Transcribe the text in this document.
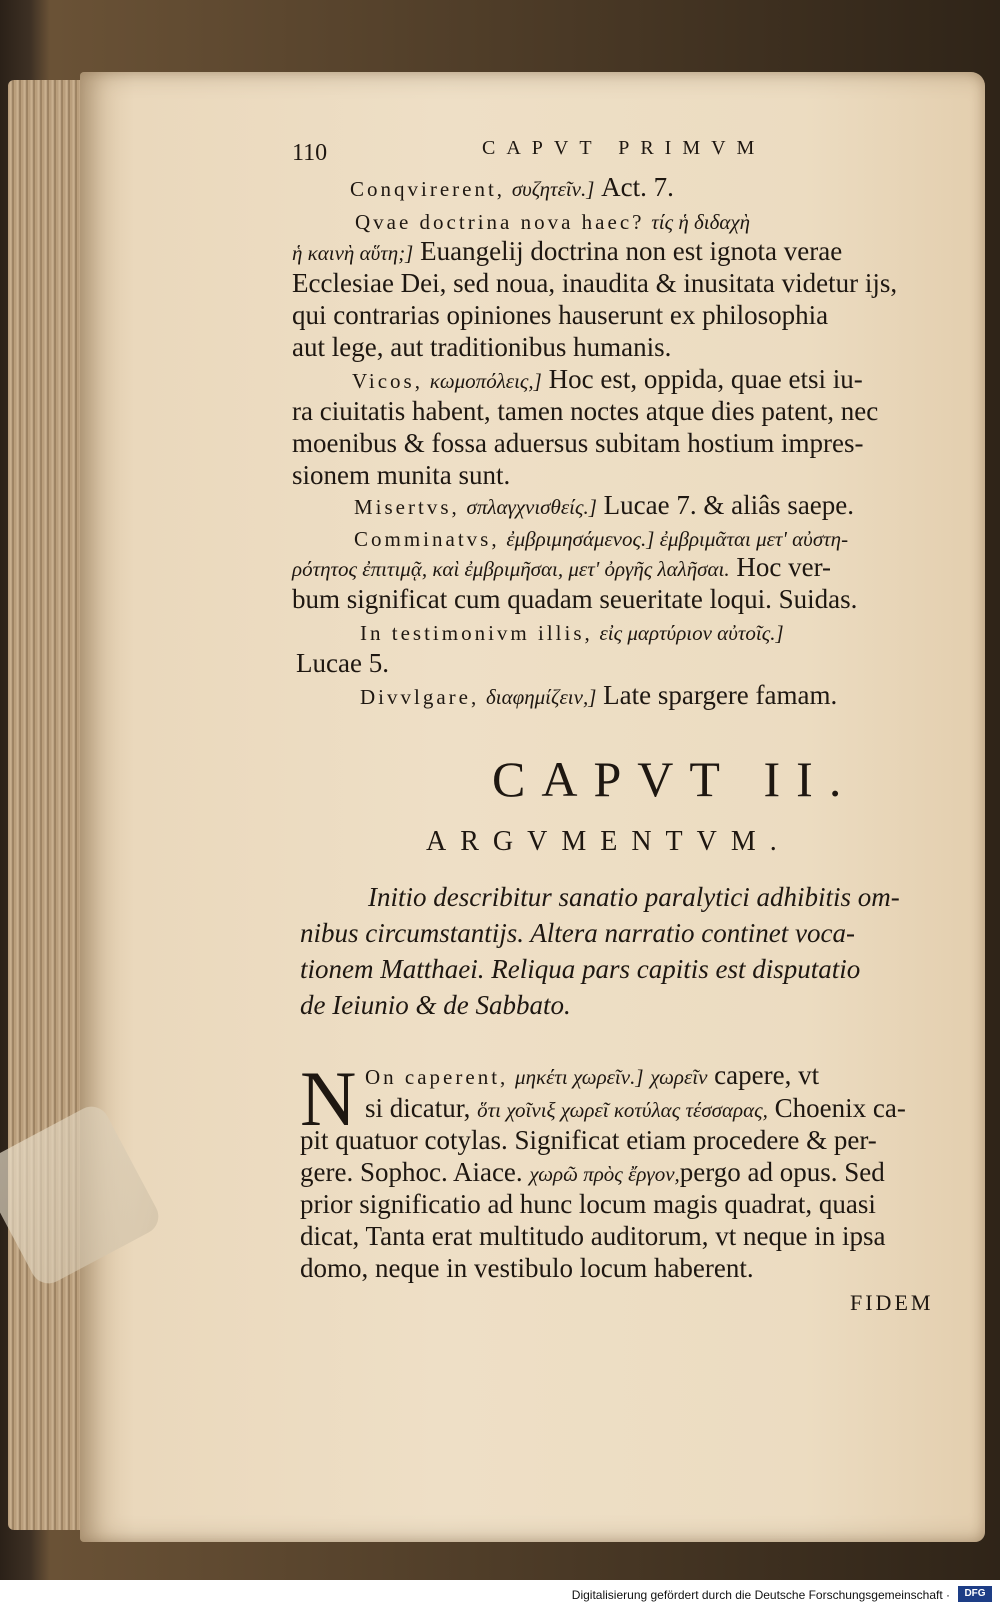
110	CAPVT PRIMVM
Conqvirerent, συζητεῖν.] Act. 7.
Qvae doctrina nova haec? τίς ἡ διδαχὴ
ἡ καινὴ αὕτη;] Euangelij doctrina non est ignota verae
Ecclesiae Dei, sed noua, inaudita & inusitata videtur ijs,
qui contrarias opiniones hauserunt ex philosophia
aut lege, aut traditionibus humanis.
Vicos, κωμοπόλεις,] Hoc est, oppida, quae etsi iu-
ra ciuitatis habent, tamen noctes atque dies patent, nec
moenibus & fossa aduersus subitam hostium impres-
sionem munita sunt.
Misertvs, σπλαγχνισθείς.] Lucae 7. & aliâs saepe.
Comminatvs, ἐμβριμησάμενος.] ἐμβριμᾶται μετ' αὐστη-
ρότητος ἐπιτιμᾷ, καὶ ἐμβριμῆσαι, μετ' ὀργῆς λαλῆσαι. Hoc ver-
bum significat cum quadam seueritate loqui. Suidas.
In testimonivm illis, εἰς μαρτύριον αὐτοῖς.]
Lucae 5.
Divvlgare, διαφημίζειν,] Late spargere famam.
CAPVT II.
ARGVMENTVM.
Initio describitur sanatio paralytici adhibitis om-
nibus circumstantijs. Altera narratio continet voca-
tionem Matthaei. Reliqua pars capitis est disputatio
de Ieiunio & de Sabbato.
N On caperent, μηκέτι χωρεῖν.] χωρεῖν capere, vt
si dicatur, ὅτι χοῖνιξ χωρεῖ κοτύλας τέσσαρας, Choenix ca-
pit quatuor cotylas. Significat etiam procedere & per-
gere. Sophoc. Aiace. χωρῶ πρὸς ἔργον,pergo ad opus. Sed
prior significatio ad hunc locum magis quadrat, quasi
dicat, Tanta erat multitudo auditorum, vt neque in ipsa
domo, neque in vestibulo locum haberent.
FIDEM
Digitalisierung gefördert durch die Deutsche Forschungsgemeinschaft ·	DFG
